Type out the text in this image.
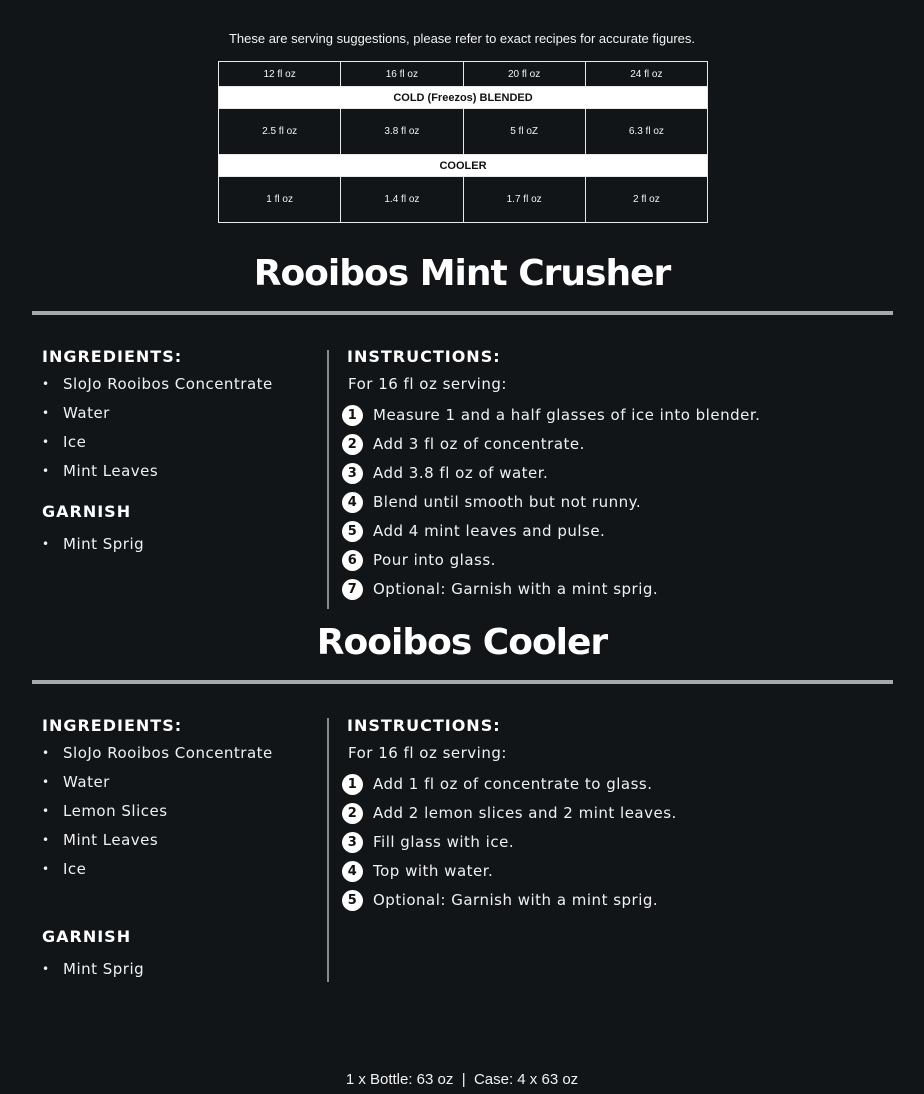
These are serving suggestions, please refer to exact recipes for accurate figures.
12 fl oz	16 fl oz	20 fl oz	24 fl oz
COLD (Freezos) BLENDED			
2.5 fl oz	3.8 fl oz	5 fl oZ	6.3 fl oz
COOLER			
1 fl oz	1.4 fl oz	1.7 fl oz	2 fl oz
Rooibos Mint Crusher
INGREDIENTS:
• SloJo Rooibos Concentrate
• Water
• Ice
• Mint Leaves
GARNISH
• Mint Sprig
INSTRUCTIONS:
For 16 fl oz serving:
1	Measure 1 and a half glasses of ice into blender.
2	Add 3 fl oz of concentrate.
3	Add 3.8 fl oz of water.
4	Blend until smooth but not runny.
5	Add 4 mint leaves and pulse.
6	Pour into glass.
7	Optional: Garnish with a mint sprig.
Rooibos Cooler
INGREDIENTS:
• SloJo Rooibos Concentrate
• Water
• Lemon Slices
• Mint Leaves
• Ice
GARNISH
• Mint Sprig
INSTRUCTIONS:
For 16 fl oz serving:
1	Add 1 fl oz of concentrate to glass.
2	Add 2 lemon slices and 2 mint leaves.
3	Fill glass with ice.
4	Top with water.
5	Optional: Garnish with a mint sprig.
1 x Bottle: 63 oz  |  Case: 4 x 63 oz
